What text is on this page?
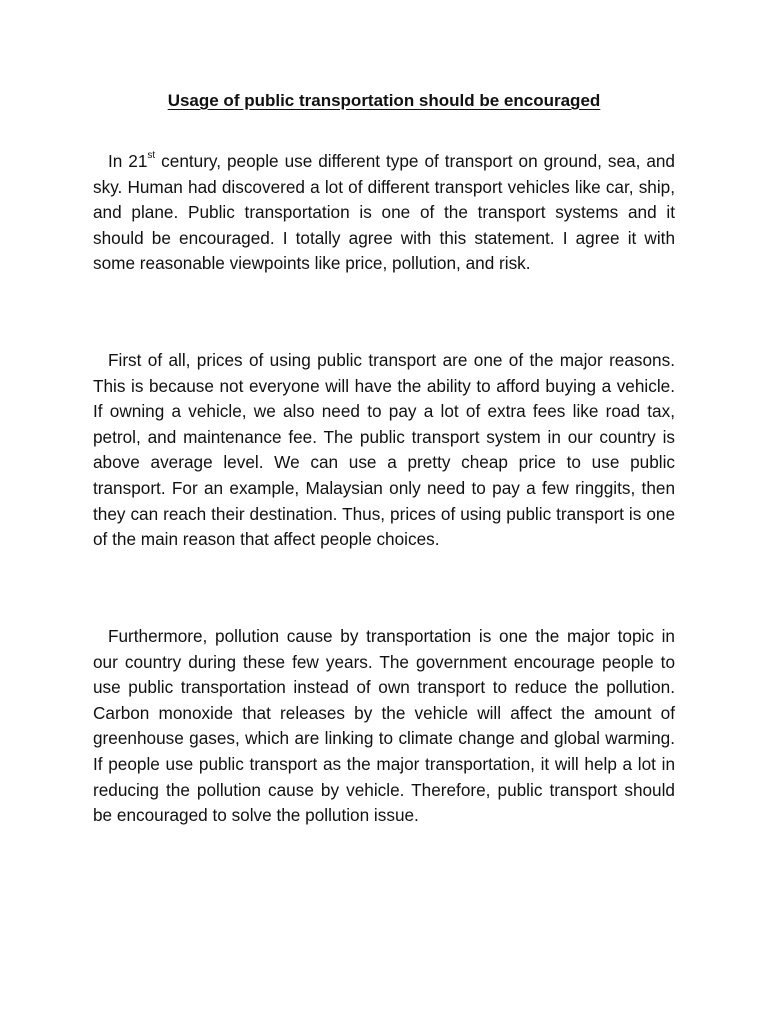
Usage of public transportation should be encouraged

In 21st century, people use different type of transport on ground, sea, and sky. Human had discovered a lot of different transport vehicles like car, ship, and plane. Public transportation is one of the transport systems and it should be encouraged. I totally agree with this statement. I agree it with some reasonable viewpoints like price, pollution, and risk.

First of all, prices of using public transport are one of the major reasons. This is because not everyone will have the ability to afford buying a vehicle. If owning a vehicle, we also need to pay a lot of extra fees like road tax, petrol, and maintenance fee. The public transport system in our country is above average level. We can use a pretty cheap price to use public transport. For an example, Malaysian only need to pay a few ringgits, then they can reach their destination. Thus, prices of using public transport is one of the main reason that affect people choices.

Furthermore, pollution cause by transportation is one the major topic in our country during these few years. The government encourage people to use public transportation instead of own transport to reduce the pollution. Carbon monoxide that releases by the vehicle will affect the amount of greenhouse gases, which are linking to climate change and global warming. If people use public transport as the major transportation, it will help a lot in reducing the pollution cause by vehicle. Therefore, public transport should be encouraged to solve the pollution issue.
